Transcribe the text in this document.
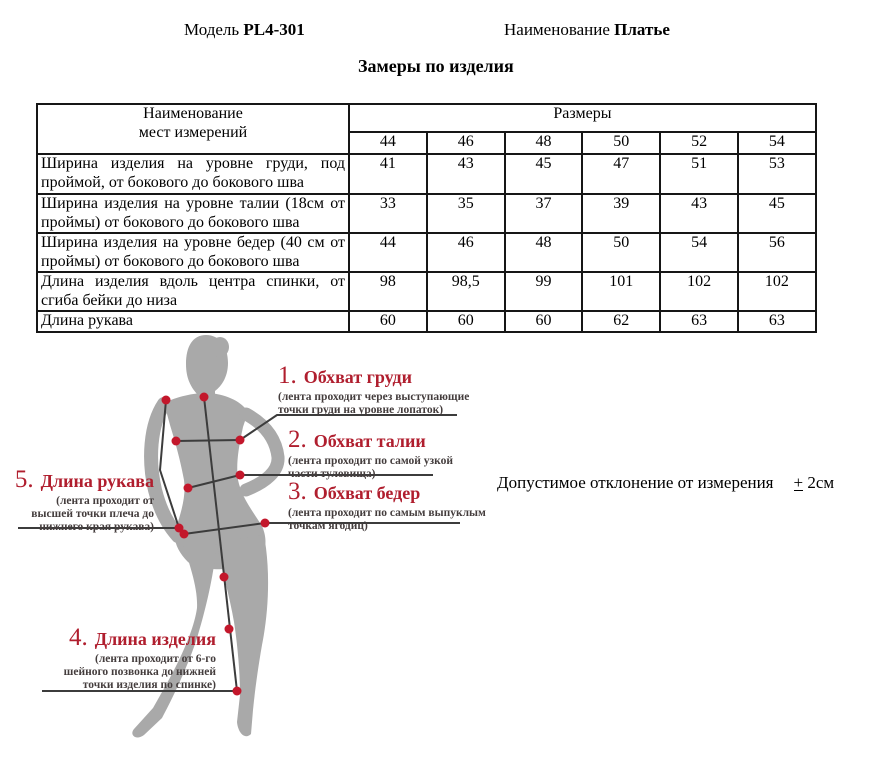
Модель PL4-301	Наименование Платье
Замеры по изделия
Наименование
мест измерений	Размеры					
	44	46	48	50	52	54
Ширина изделия на уровне груди, под проймой, от бокового до бокового шва	41	43	45	47	51	53
Ширина изделия на уровне талии (18см от проймы) от бокового до бокового шва	33	35	37	39	43	45
Ширина изделия на уровне бедер (40 см от проймы) от бокового до бокового шва	44	46	48	50	54	56
Длина изделия вдоль центра спинки, от сгиба бейки до низа	98	98,5	99	101	102	102
Длина рукава	60	60	60	62	63	63
1. Обхват груди
(лента проходит через выступающие точки груди на уровне лопаток)
2. Обхват талии
(лента проходит по самой узкой части туловища)
3. Обхват бедер
(лента проходит по самым выпуклым точкам ягодиц)
5. Длина рукава
(лента проходит от высшей точки плеча до нижнего края рукава)
4. Длина изделия
(лента проходит от 6-го шейного позвонка до нижней точки изделия по спинке)
Допустимое отклонение от измерения + 2см
